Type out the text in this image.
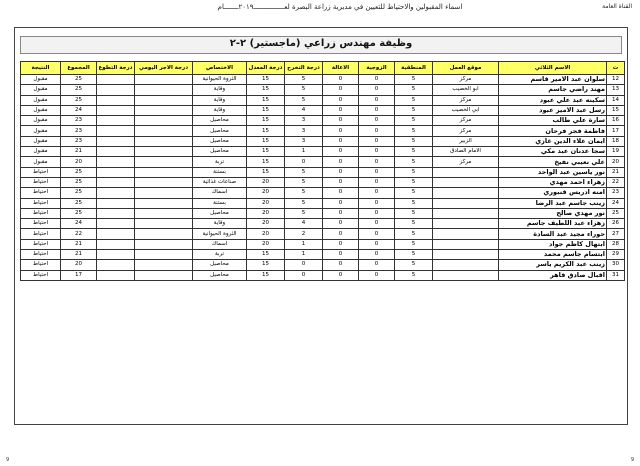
اسماء المقبولين والاحتياط للتعيين في مديرية زراعة البصرة لعـــــــــــــــ٢٠١٩ـــــــام	القناة العامة
وظيفة مهندس زراعي (ماجستير) ٢-٢
ت	الاسم الثلاثي	موقع العمل	المنطقية	الزوجية	الاعالة	درجة التخرج	درجة المعدل	الاختصاص	درجة الاجر اليومي	درجة التطوع	المجموع	النتيجة
12	سلوان عبد الامير قاسم	مركز	5	0	0	5	15	الثروة الحيوانية			25	مقبول
13	مهند راضي جاسم	ابو الخصيب	5	0	0	5	15	وقاية			25	مقبول
14	سكينه عبد علي عبود	مركز	5	0	0	5	15	وقاية			25	مقبول
15	رسل عبد الامير عبود	ابي الخصيب	5	0	0	4	15	وقاية			24	مقبول
16	سارة علي طالب	مركز	5	0	0	3	15	محاصيل			23	مقبول
17	فاطمة فجر فرحان	مركز	5	0	0	3	15	محاصيل			23	مقبول
18	ايمان علاء الدين غازي	الزبير	5	0	0	3	15	محاصيل			23	مقبول
19	سجا عدنان عبد مكي	الامام الصادق	5	0	0	1	15	محاصيل			21	مقبول
20	علي نعيبي نفيخ	مركز	5	0	0	0	15	تربة			20	مقبول
21	نور ياسين عبد الواحد		5	0	0	5	15	بستنة			25	احتياط
22	زهراء احمد مهدي		5	0	0	5	20	صناعات غذائية			25	احتياط
23	امنه ادريس قنبوري		5	0	0	5	20	اسماك			25	احتياط
24	زينب جاسم عبد الرضا		5	0	0	5	20	بستنة			25	احتياط
25	نور مهدي صالح		5	0	0	5	20	محاصيل			25	احتياط
26	زهراء عبد اللطيف جاسم		5	0	0	4	20	وقاية			24	احتياط
27	حوراء مجيد عبد السادة		5	0	0	2	20	الثروة الحيوانية			22	احتياط
28	ابتهال كاظم جواد		5	0	0	1	20	اسماك			21	احتياط
29	ابتسام جاسم محمد		5	0	0	1	15	تربة			21	احتياط
30	زينب عبد الكريم ياسر		5	0	0	0	15	محاصيل			20	احتياط
31	اقبال صادق قاهر		5	0	0	0	15	محاصيل			17	احتياط
9	9
